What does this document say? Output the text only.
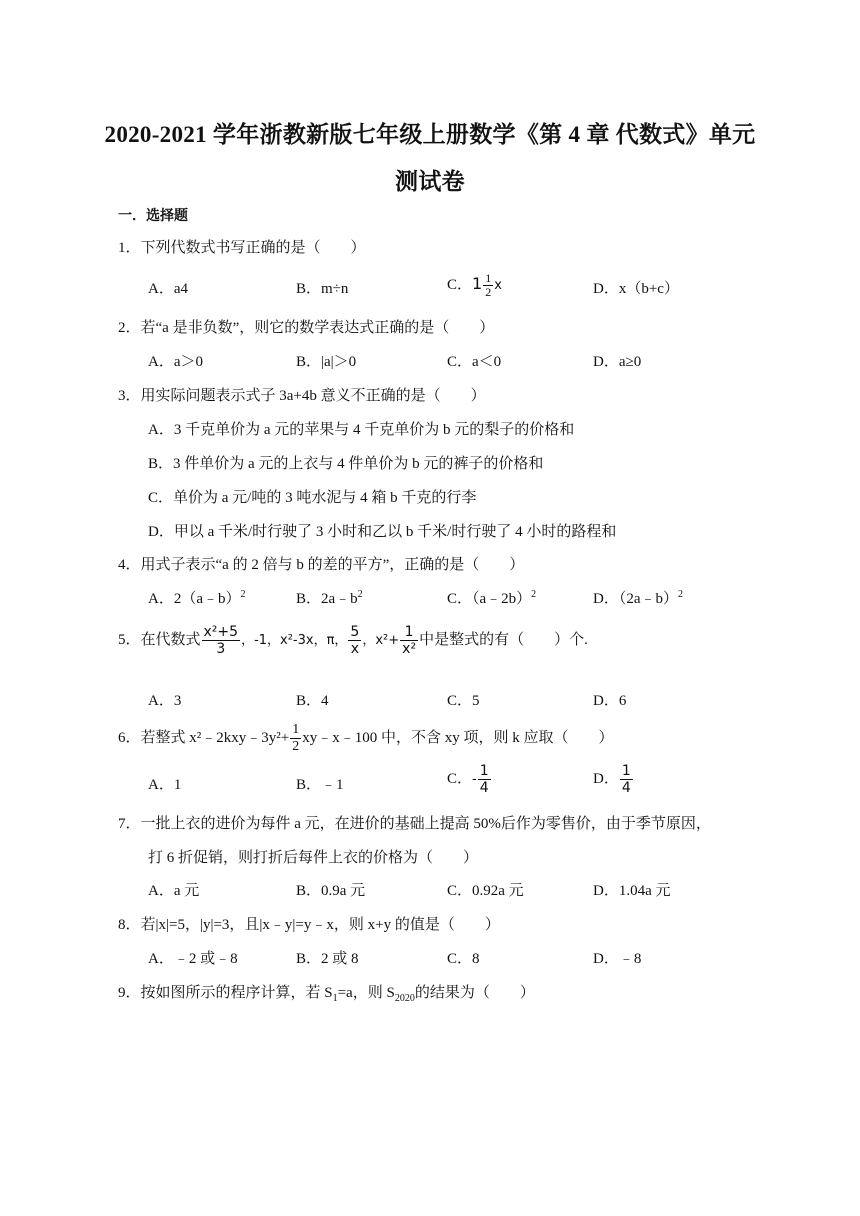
2020-2021 学年浙教新版七年级上册数学《第 4 章 代数式》单元
测试卷
一．选择题
1．下列代数式书写正确的是（　　）
A．a4	B．m÷n	C．$1 \frac{1}{2}$ x	D．x（b+c）
2．若“a 是非负数”，则它的数学表达式正确的是（　　）
A．a＞0	B．|a|＞0	C．a＜0	D．a≥0
3．用实际问题表示式子 3a+4b 意义不正确的是（　　）
A．3 千克单价为 a 元的苹果与 4 千克单价为 b 元的梨子的价格和
B．3 件单价为 a 元的上衣与 4 件单价为 b 元的裤子的价格和
C．单价为 a 元/吨的 3 吨水泥与 4 箱 b 千克的行李
D．甲以 a 千米/时行驶了 3 小时和乙以 b 千米/时行驶了 4 小时的路程和
4．用式子表示“a 的 2 倍与 b 的差的平方”，正确的是（　　）
A．2（a﹣b）$^2$	B．$2a﹣b^2$	C．（a﹣2b）$^2$	D．（2a﹣b）$^2$
5．在代数式 $\frac{\text{x²+5}}{3}$ ，-1，x²-3x，π， $\frac{5}{x}$ ，$x^2+ \frac{1}{\text{x²}}$ 中是整式的有（　　）个.
A．3	B．4	C．5	D．6
6．若整式 x²﹣2kxy﹣3y²+ $\frac{1}{2}$ xy﹣x﹣100 中，不含 xy 项，则 k 应取（　　）
A．1	B．﹣1	C．- $\frac{1}{4}$	D． $\frac{1}{4}$
7．一批上衣的进价为每件 a 元，在进价的基础上提高 50%后作为零售价，由于季节原因，
打 6 折促销，则打折后每件上衣的价格为（　　）
A．a 元	B．0.9a 元	C．0.92a 元	D．1.04a 元
8．若|x|=5，|y|=3，且|x﹣y|=y﹣x，则 x+y 的值是（　　）
A．﹣2 或﹣8	B．2 或 8	C．8	D．﹣8
9．按如图所示的程序计算，若 $S_1=a$，则 $S_{2020}$的结果为（　　）
